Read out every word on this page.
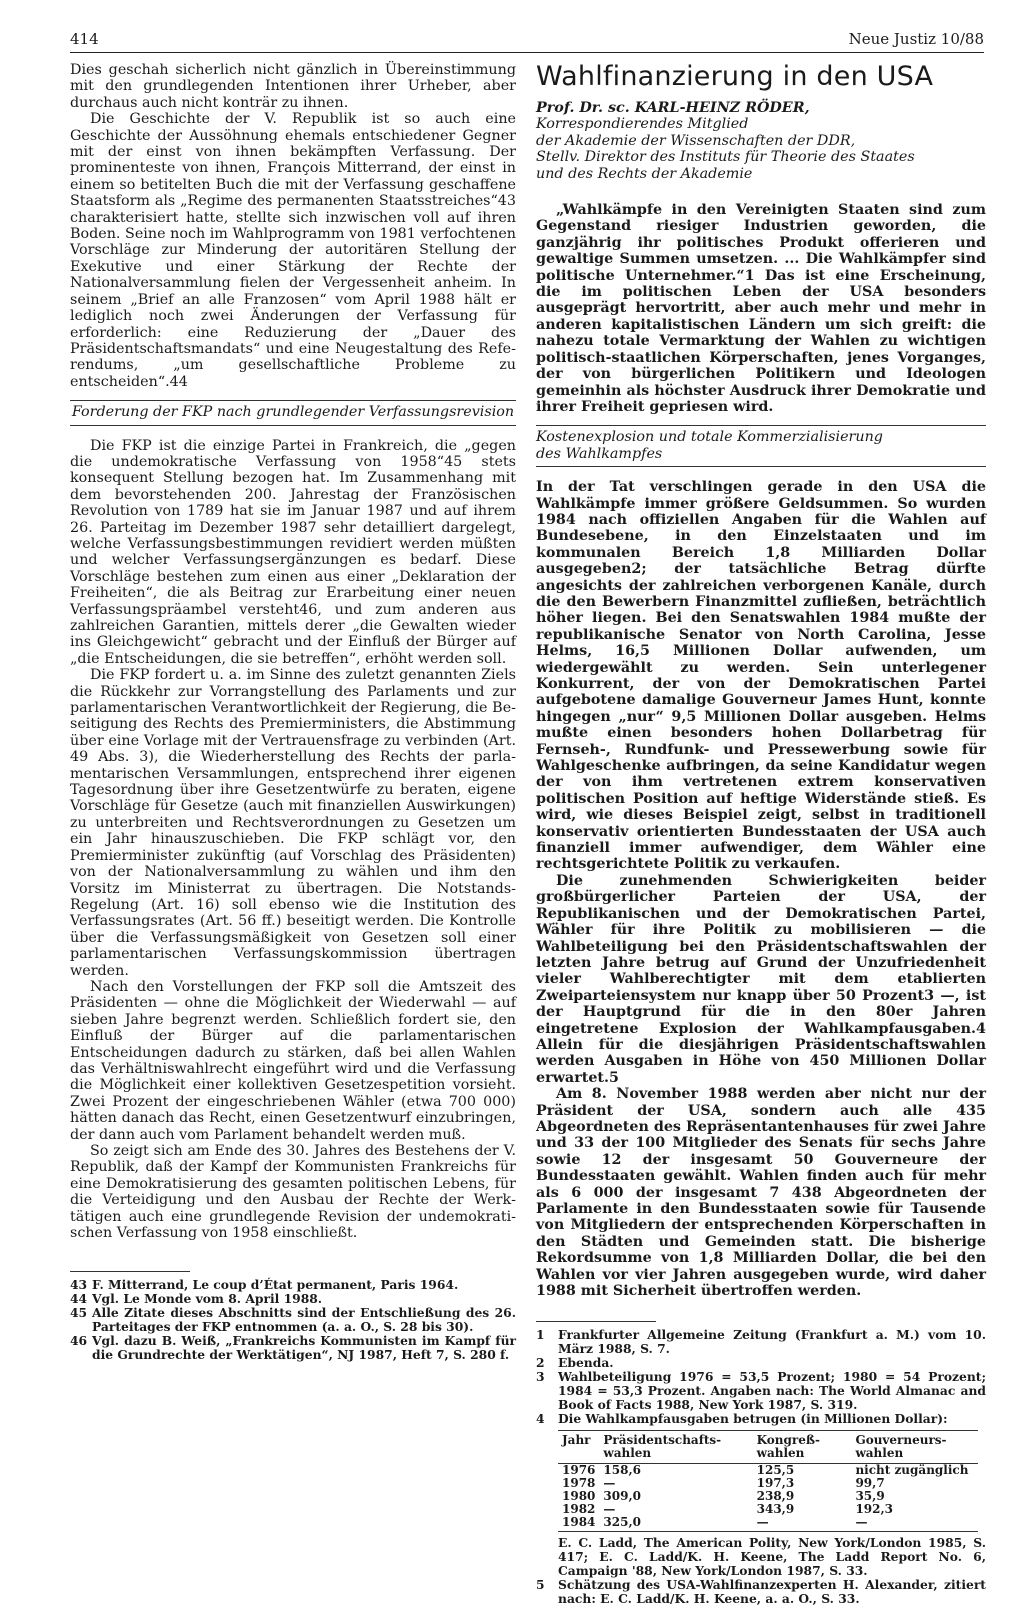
414	Neue Justiz 10/88

Dies geschah sicherlich nicht gänzlich in Übereinstimmung mit den grundlegenden Intentionen ihrer Urheber, aber durchaus auch nicht konträr zu ihnen.

Die Geschichte der V. Republik ist so auch eine Geschichte der Aussöhnung ehemals entschiedener Gegner mit der einst von ihnen bekämpften Verfassung. Der prominenteste von ihnen, François Mitterrand, der einst in einem so betitelten Buch die mit der Verfassung geschaffene Staatsform als „Regime des permanenten Staatsstreiches“43 charakterisiert hatte, stellte sich inzwischen voll auf ihren Boden. Seine noch im Wahlprogramm von 1981 verfochtenen Vorschläge zur Minderung der autoritären Stellung der Exekutive und einer Stärkung der Rechte der Nationalversammlung fielen der Vergessenheit anheim. In seinem „Brief an alle Franzosen“ vom April 1988 hält er lediglich noch zwei Änderungen der Verfassung für erforderlich: eine Reduzierung der „Dauer des Präsidentschaftsmandats“ und eine Neugestaltung des Referendums, „um gesellschaftliche Probleme zu entscheiden“.44

Forderung der FKP nach grundlegender Verfassungsrevision

Die FKP ist die einzige Partei in Frankreich, die „gegen die undemokratische Verfassung von 1958“45 stets konsequent Stellung bezogen hat. Im Zusammenhang mit dem bevorstehenden 200. Jahrestag der Französischen Revolution von 1789 hat sie im Januar 1987 und auf ihrem 26. Parteitag im Dezember 1987 sehr detailliert dargelegt, welche Verfassungsbestimmungen revidiert werden müßten und welcher Verfassungsergänzungen es bedarf. Diese Vorschläge bestehen zum einen aus einer „Deklaration der Freiheiten“, die als Beitrag zur Erarbeitung einer neuen Verfassungspräambel versteht46, und zum anderen aus zahlreichen Garantien, mittels derer „die Gewalten wieder ins Gleichgewicht“ gebracht und der Einfluß der Bürger auf „die Entscheidungen, die sie betreffen“, erhöht werden soll.

Die FKP fordert u. a. im Sinne des zuletzt genannten Ziels die Rückkehr zur Vorrangstellung des Parlaments und zur parlamentarischen Verantwortlichkeit der Regierung, die Beseitigung des Rechts des Premierministers, die Abstimmung über eine Vorlage mit der Vertrauensfrage zu verbinden (Art. 49 Abs. 3), die Wiederherstellung des Rechts der parlamentarischen Versammlungen, entsprechend ihrer eigenen Tagesordnung über ihre Gesetzentwürfe zu beraten, eigene Vorschläge für Gesetze (auch mit finanziellen Auswirkungen) zu unterbreiten und Rechtsverordnungen zu Gesetzen um ein Jahr hinauszuschieben. Die FKP schlägt vor, den Premierminister zukünftig (auf Vorschlag des Präsidenten) von der Nationalversammlung zu wählen und ihm den Vorsitz im Ministerrat zu übertragen. Die Notstands-Regelung (Art. 16) soll ebenso wie die Institution des Verfassungsrates (Art. 56 ff.) beseitigt werden. Die Kontrolle über die Verfassungsmäßigkeit von Gesetzen soll einer parlamentarischen Verfassungskommission übertragen werden.

Nach den Vorstellungen der FKP soll die Amtszeit des Präsidenten — ohne die Möglichkeit der Wiederwahl — auf sieben Jahre begrenzt werden. Schließlich fordert sie, den Einfluß der Bürger auf die parlamentarischen Entscheidungen dadurch zu stärken, daß bei allen Wahlen das Verhältniswahlrecht eingeführt wird und die Verfassung die Möglichkeit einer kollektiven Gesetzespetition vorsieht. Zwei Prozent der eingeschriebenen Wähler (etwa 700 000) hätten danach das Recht, einen Gesetzentwurf einzubringen, der dann auch vom Parlament behandelt werden muß.

So zeigt sich am Ende des 30. Jahres des Bestehens der V. Republik, daß der Kampf der Kommunisten Frankreichs für eine Demokratisierung des gesamten politischen Lebens, für die Verteidigung und den Ausbau der Rechte der Werktätigen auch eine grundlegende Revision der undemokratischen Verfassung von 1958 einschließt.

43 F. Mitterrand, Le coup d’État permanent, Paris 1964.
44 Vgl. Le Monde vom 8. April 1988.
45 Alle Zitate dieses Abschnitts sind der Entschließung des 26. Parteitages der FKP entnommen (a. a. O., S. 28 bis 30).
46 Vgl. dazu B. Weiß, „Frankreichs Kommunisten im Kampf für die Grundrechte der Werktätigen“, NJ 1987, Heft 7, S. 280 f.
Wahlfinanzierung in den USA
Prof. Dr. sc. KARL-HEINZ RÖDER,
Korrespondierendes Mitglied
der Akademie der Wissenschaften der DDR,
Stellv. Direktor des Instituts für Theorie des Staates
und des Rechts der Akademie

„Wahlkämpfe in den Vereinigten Staaten sind zum Gegenstand riesiger Industrien geworden, die ganzjährig ihr politisches Produkt offerieren und gewaltige Summen umsetzen. ... Die Wahlkämpfer sind politische Unternehmer.“1 Das ist eine Erscheinung, die im politischen Leben der USA besonders ausgeprägt hervortritt, aber auch mehr und mehr in anderen kapitalistischen Ländern um sich greift: die nahezu totale Vermarktung der Wahlen zu wichtigen politisch-staatlichen Körperschaften, jenes Vorganges, der von bürgerlichen Politikern und Ideologen gemeinhin als höchster Ausdruck ihrer Demokratie und ihrer Freiheit gepriesen wird.

Kostenexplosion und totale Kommerzialisierung
des Wahlkampfes

In der Tat verschlingen gerade in den USA die Wahlkämpfe immer größere Geldsummen. So wurden 1984 nach offiziellen Angaben für die Wahlen auf Bundesebene, in den Einzelstaaten und im kommunalen Bereich 1,8 Milliarden Dollar ausgegeben2; der tatsächliche Betrag dürfte angesichts der zahlreichen verborgenen Kanäle, durch die den Bewerbern Finanzmittel zufließen, beträchtlich höher liegen. Bei den Senatswahlen 1984 mußte der republikanische Senator von North Carolina, Jesse Helms, 16,5 Millionen Dollar aufwenden, um wiedergewählt zu werden. Sein unterlegener Konkurrent, der von der Demokratischen Partei aufgebotene damalige Gouverneur James Hunt, konnte hingegen „nur“ 9,5 Millionen Dollar ausgeben. Helms mußte einen besonders hohen Dollarbetrag für Fernseh-, Rundfunk- und Pressewerbung sowie für Wahlgeschenke aufbringen, da seine Kandidatur wegen der von ihm vertretenen extrem konservativen politischen Position auf heftige Widerstände stieß. Es wird, wie dieses Beispiel zeigt, selbst in traditionell konservativ orientierten Bundesstaaten der USA auch finanziell immer aufwendiger, dem Wähler eine rechtsgerichtete Politik zu verkaufen.

Die zunehmenden Schwierigkeiten beider großbürgerlicher Parteien der USA, der Republikanischen und der Demokratischen Partei, Wähler für ihre Politik zu mobilisieren — die Wahlbeteiligung bei den Präsidentschaftswahlen der letzten Jahre betrug auf Grund der Unzufriedenheit vieler Wahlberechtigter mit dem etablierten Zweiparteiensystem nur knapp über 50 Prozent3 —, ist der Hauptgrund für die in den 80er Jahren eingetretene Explosion der Wahlkampfausgaben.4 Allein für die diesjährigen Präsidentschaftswahlen werden Ausgaben in Höhe von 450 Millionen Dollar erwartet.5

Am 8. November 1988 werden aber nicht nur der Präsident der USA, sondern auch alle 435 Abgeordneten des Repräsentantenhauses für zwei Jahre und 33 der 100 Mitglieder des Senats für sechs Jahre sowie 12 der insgesamt 50 Gouverneure der Bundesstaaten gewählt. Wahlen finden auch für mehr als 6 000 der insgesamt 7 438 Abgeordneten der Parlamente in den Bundesstaaten sowie für Tausende von Mitgliedern der entsprechenden Körperschaften in den Städten und Gemeinden statt. Die bisherige Rekordsumme von 1,8 Milliarden Dollar, die bei den Wahlen vor vier Jahren ausgegeben wurde, wird daher 1988 mit Sicherheit übertroffen werden.

1	Frankfurter Allgemeine Zeitung (Frankfurt a. M.) vom 10. März 1988, S. 7.
2	Ebenda.
3	Wahlbeteiligung 1976 = 53,5 Prozent; 1980 = 54 Prozent; 1984 = 53,3 Prozent. Angaben nach: The World Almanac and Book of Facts 1988, New York 1987, S. 319.
4	Die Wahlkampfausgaben betrugen (in Millionen Dollar):
Jahr	Präsidentschafts-wahlen	Kongreß-wahlen	Gouverneurs-wahlen
1976	158,6	125,5	nicht zugänglich
1978	—	197,3	99,7
1980	309,0	238,9	35,9
1982	—	343,9	192,3
1984	325,0	—	—
E. C. Ladd, The American Polity, New York/London 1985, S. 417; E. C. Ladd/K. H. Keene, The Ladd Report No. 6, Campaign '88, New York/London 1987, S. 33.
5	Schätzung des USA-Wahlfinanzexperten H. Alexander, zitiert nach: E. C. Ladd/K. H. Keene, a. a. O., S. 33.
